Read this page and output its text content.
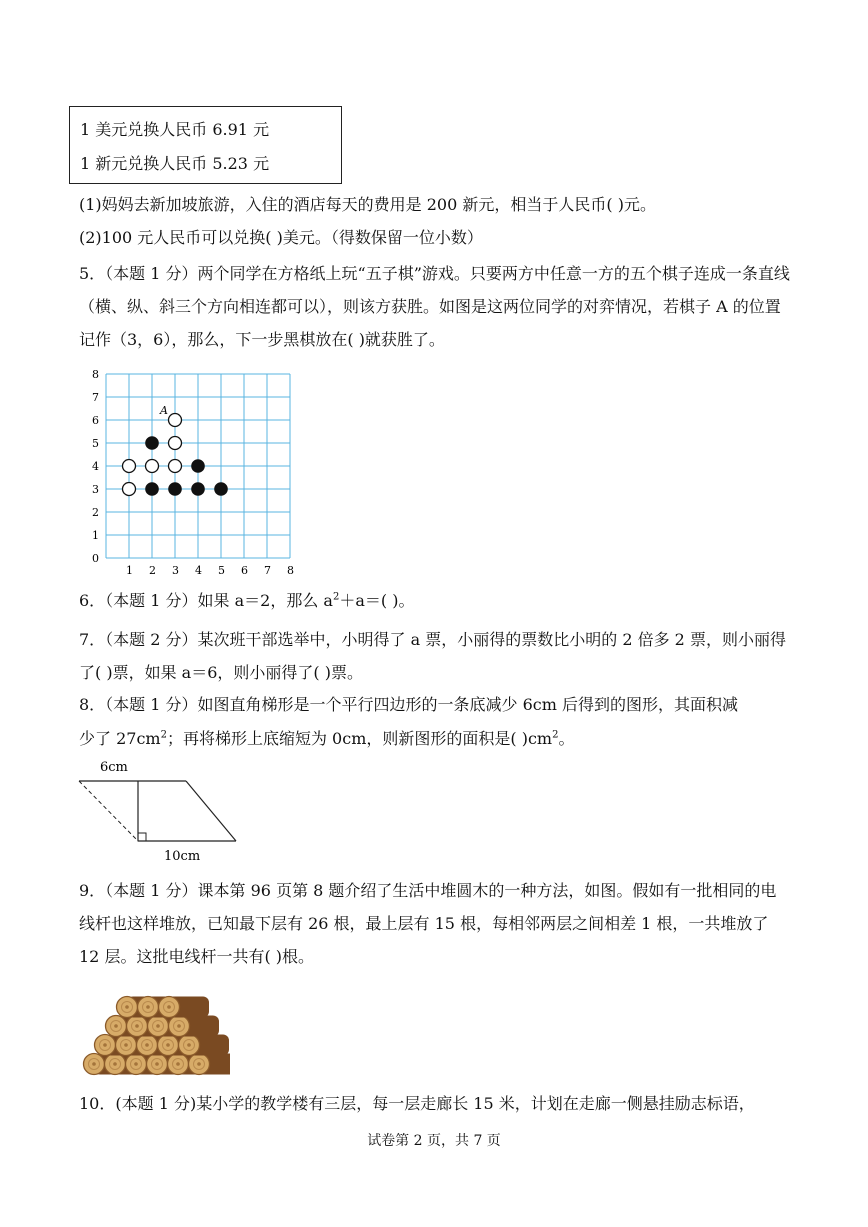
1 美元兑换人民币 6.91 元
1 新元兑换人民币 5.23 元
(1)妈妈去新加坡旅游，入住的酒店每天的费用是 200 新元，相当于人民币( )元。
(2)100 元人民币可以兑换( )美元。（得数保留一位小数）
5．（本题 1 分）两个同学在方格纸上玩“五子棋”游戏。只要两方中任意一方的五个棋子连成一条直线（横、纵、斜三个方向相连都可以），则该方获胜。如图是这两位同学的对弈情况，若棋子 A 的位置记作（3，6），那么，下一步黑棋放在( )就获胜了。
0
1
2
3
4
5
6
7
8
1 2 3 4 5 6 7 8
A
6．（本题 1 分）如果 a＝2，那么 $a^2+a=$( )。
7．（本题 2 分）某次班干部选举中，小明得了 a 票，小丽得的票数比小明的 2 倍多 2 票，则小丽得了( )票，如果 a＝6，则小丽得了( )票。
8．（本题 1 分）如图直角梯形是一个平行四边形的一条底减少 6cm 后得到的图形，其面积减
少了 $27cm^2$；再将梯形上底缩短为 0cm，则新图形的面积是( )$cm^2$。
6cm
10cm
9．（本题 1 分）课本第 96 页第 8 题介绍了生活中堆圆木的一种方法，如图。假如有一批相同的电线杆也这样堆放，已知最下层有 26 根，最上层有 15 根，每相邻两层之间相差 1 根，一共堆放了 12 层。这批电线杆一共有( )根。
10．(本题 1 分)某小学的教学楼有三层，每一层走廊长 15 米，计划在走廊一侧悬挂励志标语，
试卷第 2 页，共 7 页
